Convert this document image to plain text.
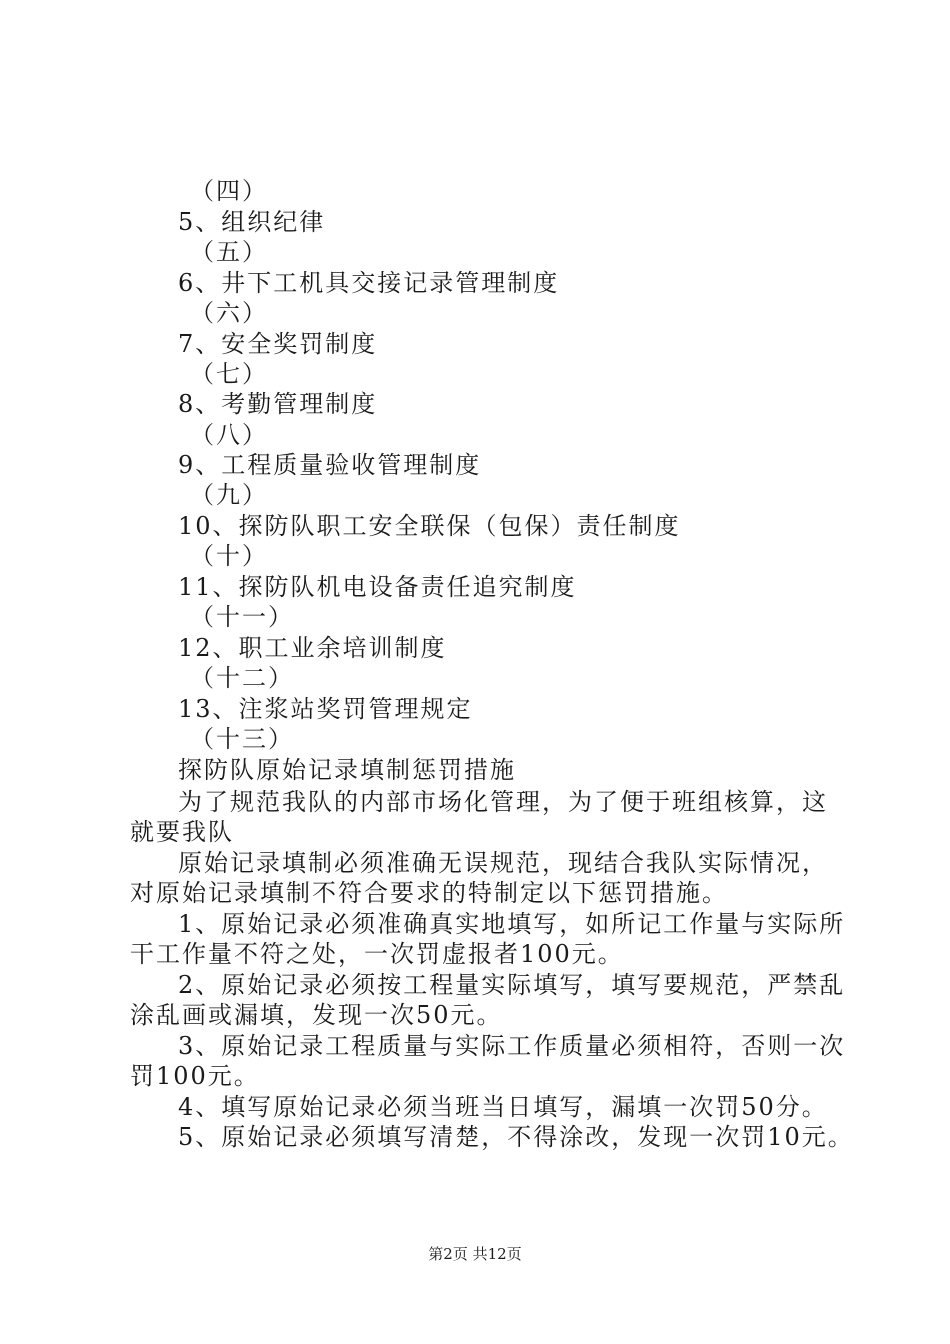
（四）
5、组织纪律
（五）
6、井下工机具交接记录管理制度
（六）
7、安全奖罚制度
（七）
8、考勤管理制度
（八）
9、工程质量验收管理制度
（九）
10、探防队职工安全联保（包保）责任制度
（十）
11、探防队机电设备责任追究制度
（十一）
12、职工业余培训制度
（十二）
13、注浆站奖罚管理规定
（十三）
探防队原始记录填制惩罚措施
为了规范我队的内部市场化管理，为了便于班组核算，这
就要我队
原始记录填制必须准确无误规范，现结合我队实际情况，
对原始记录填制不符合要求的特制定以下惩罚措施。
1、原始记录必须准确真实地填写，如所记工作量与实际所
干工作量不符之处，一次罚虚报者100元。
2、原始记录必须按工程量实际填写，填写要规范，严禁乱
涂乱画或漏填，发现一次50元。
3、原始记录工程质量与实际工作质量必须相符，否则一次
罚100元。
4、填写原始记录必须当班当日填写，漏填一次罚50分。
5、原始记录必须填写清楚，不得涂改，发现一次罚10元。
第2页 共12页
